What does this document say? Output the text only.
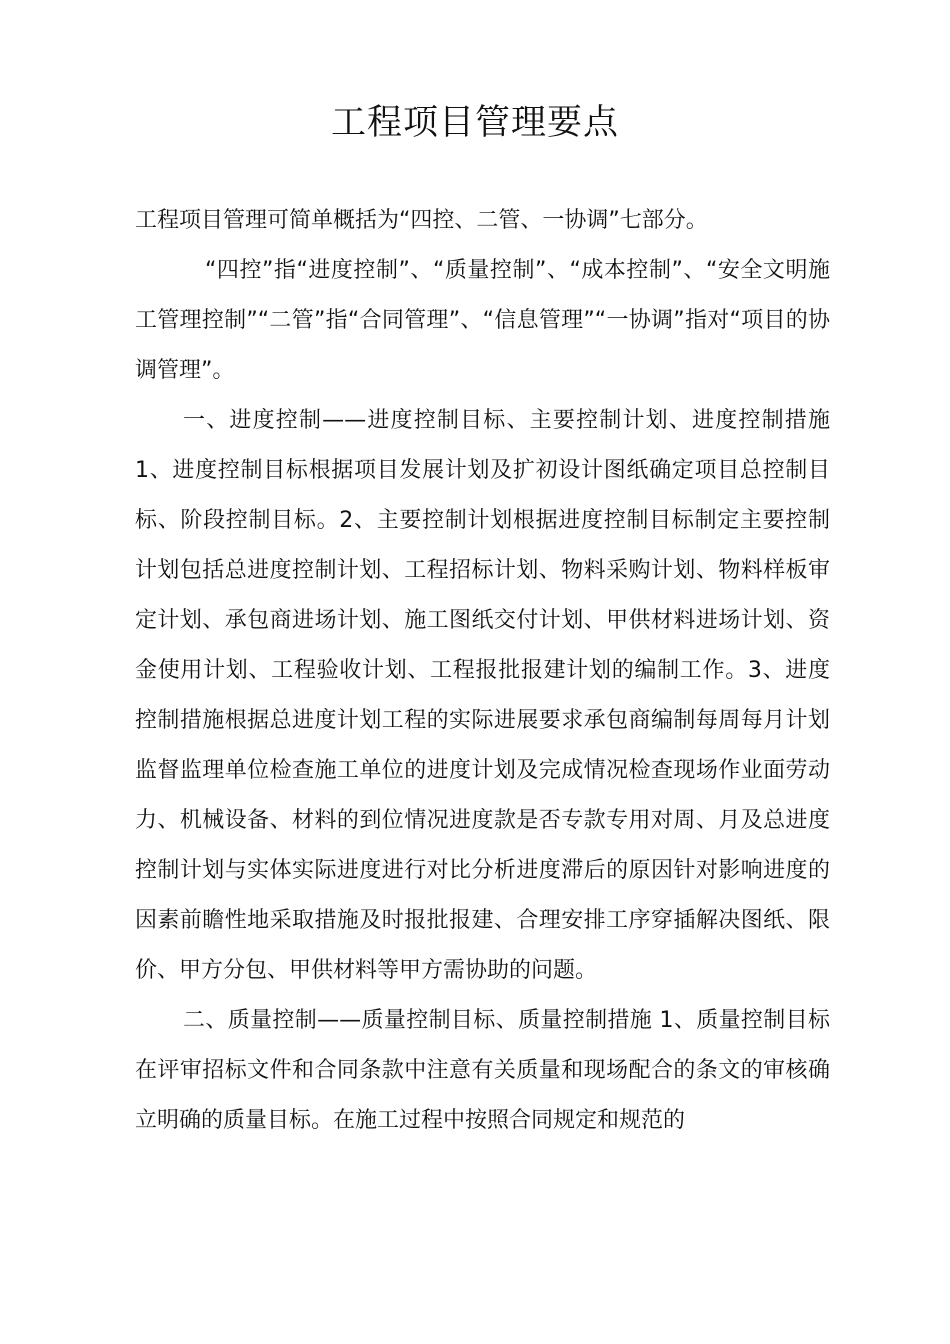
工程项目管理要点

工程项目管理可简单概括为“四控、二管、一协调”七部分。

“四控”指“进度控制”、“质量控制”、“成本控制”、“安全文明施工管理控制”“二管”指“合同管理”、“信息管理”“一协调”指对“项目的协调管理”。

一、进度控制——进度控制目标、主要控制计划、进度控制措施 1、进度控制目标根据项目发展计划及扩初设计图纸确定项目总控制目标、阶段控制目标。2、主要控制计划根据进度控制目标制定主要控制计划包括总进度控制计划、工程招标计划、物料采购计划、物料样板审定计划、承包商进场计划、施工图纸交付计划、甲供材料进场计划、资金使用计划、工程验收计划、工程报批报建计划的编制工作。3、进度控制措施根据总进度计划工程的实际进展要求承包商编制每周每月计划监督监理单位检查施工单位的进度计划及完成情况检查现场作业面劳动力、机械设备、材料的到位情况进度款是否专款专用对周、月及总进度控制计划与实体实际进度进行对比分析进度滞后的原因针对影响进度的因素前瞻性地采取措施及时报批报建、合理安排工序穿插解决图纸、限价、甲方分包、甲供材料等甲方需协助的问题。

二、质量控制——质量控制目标、质量控制措施 1、质量控制目标在评审招标文件和合同条款中注意有关质量和现场配合的条文的审核确立明确的质量目标。在施工过程中按照合同规定和规范的
